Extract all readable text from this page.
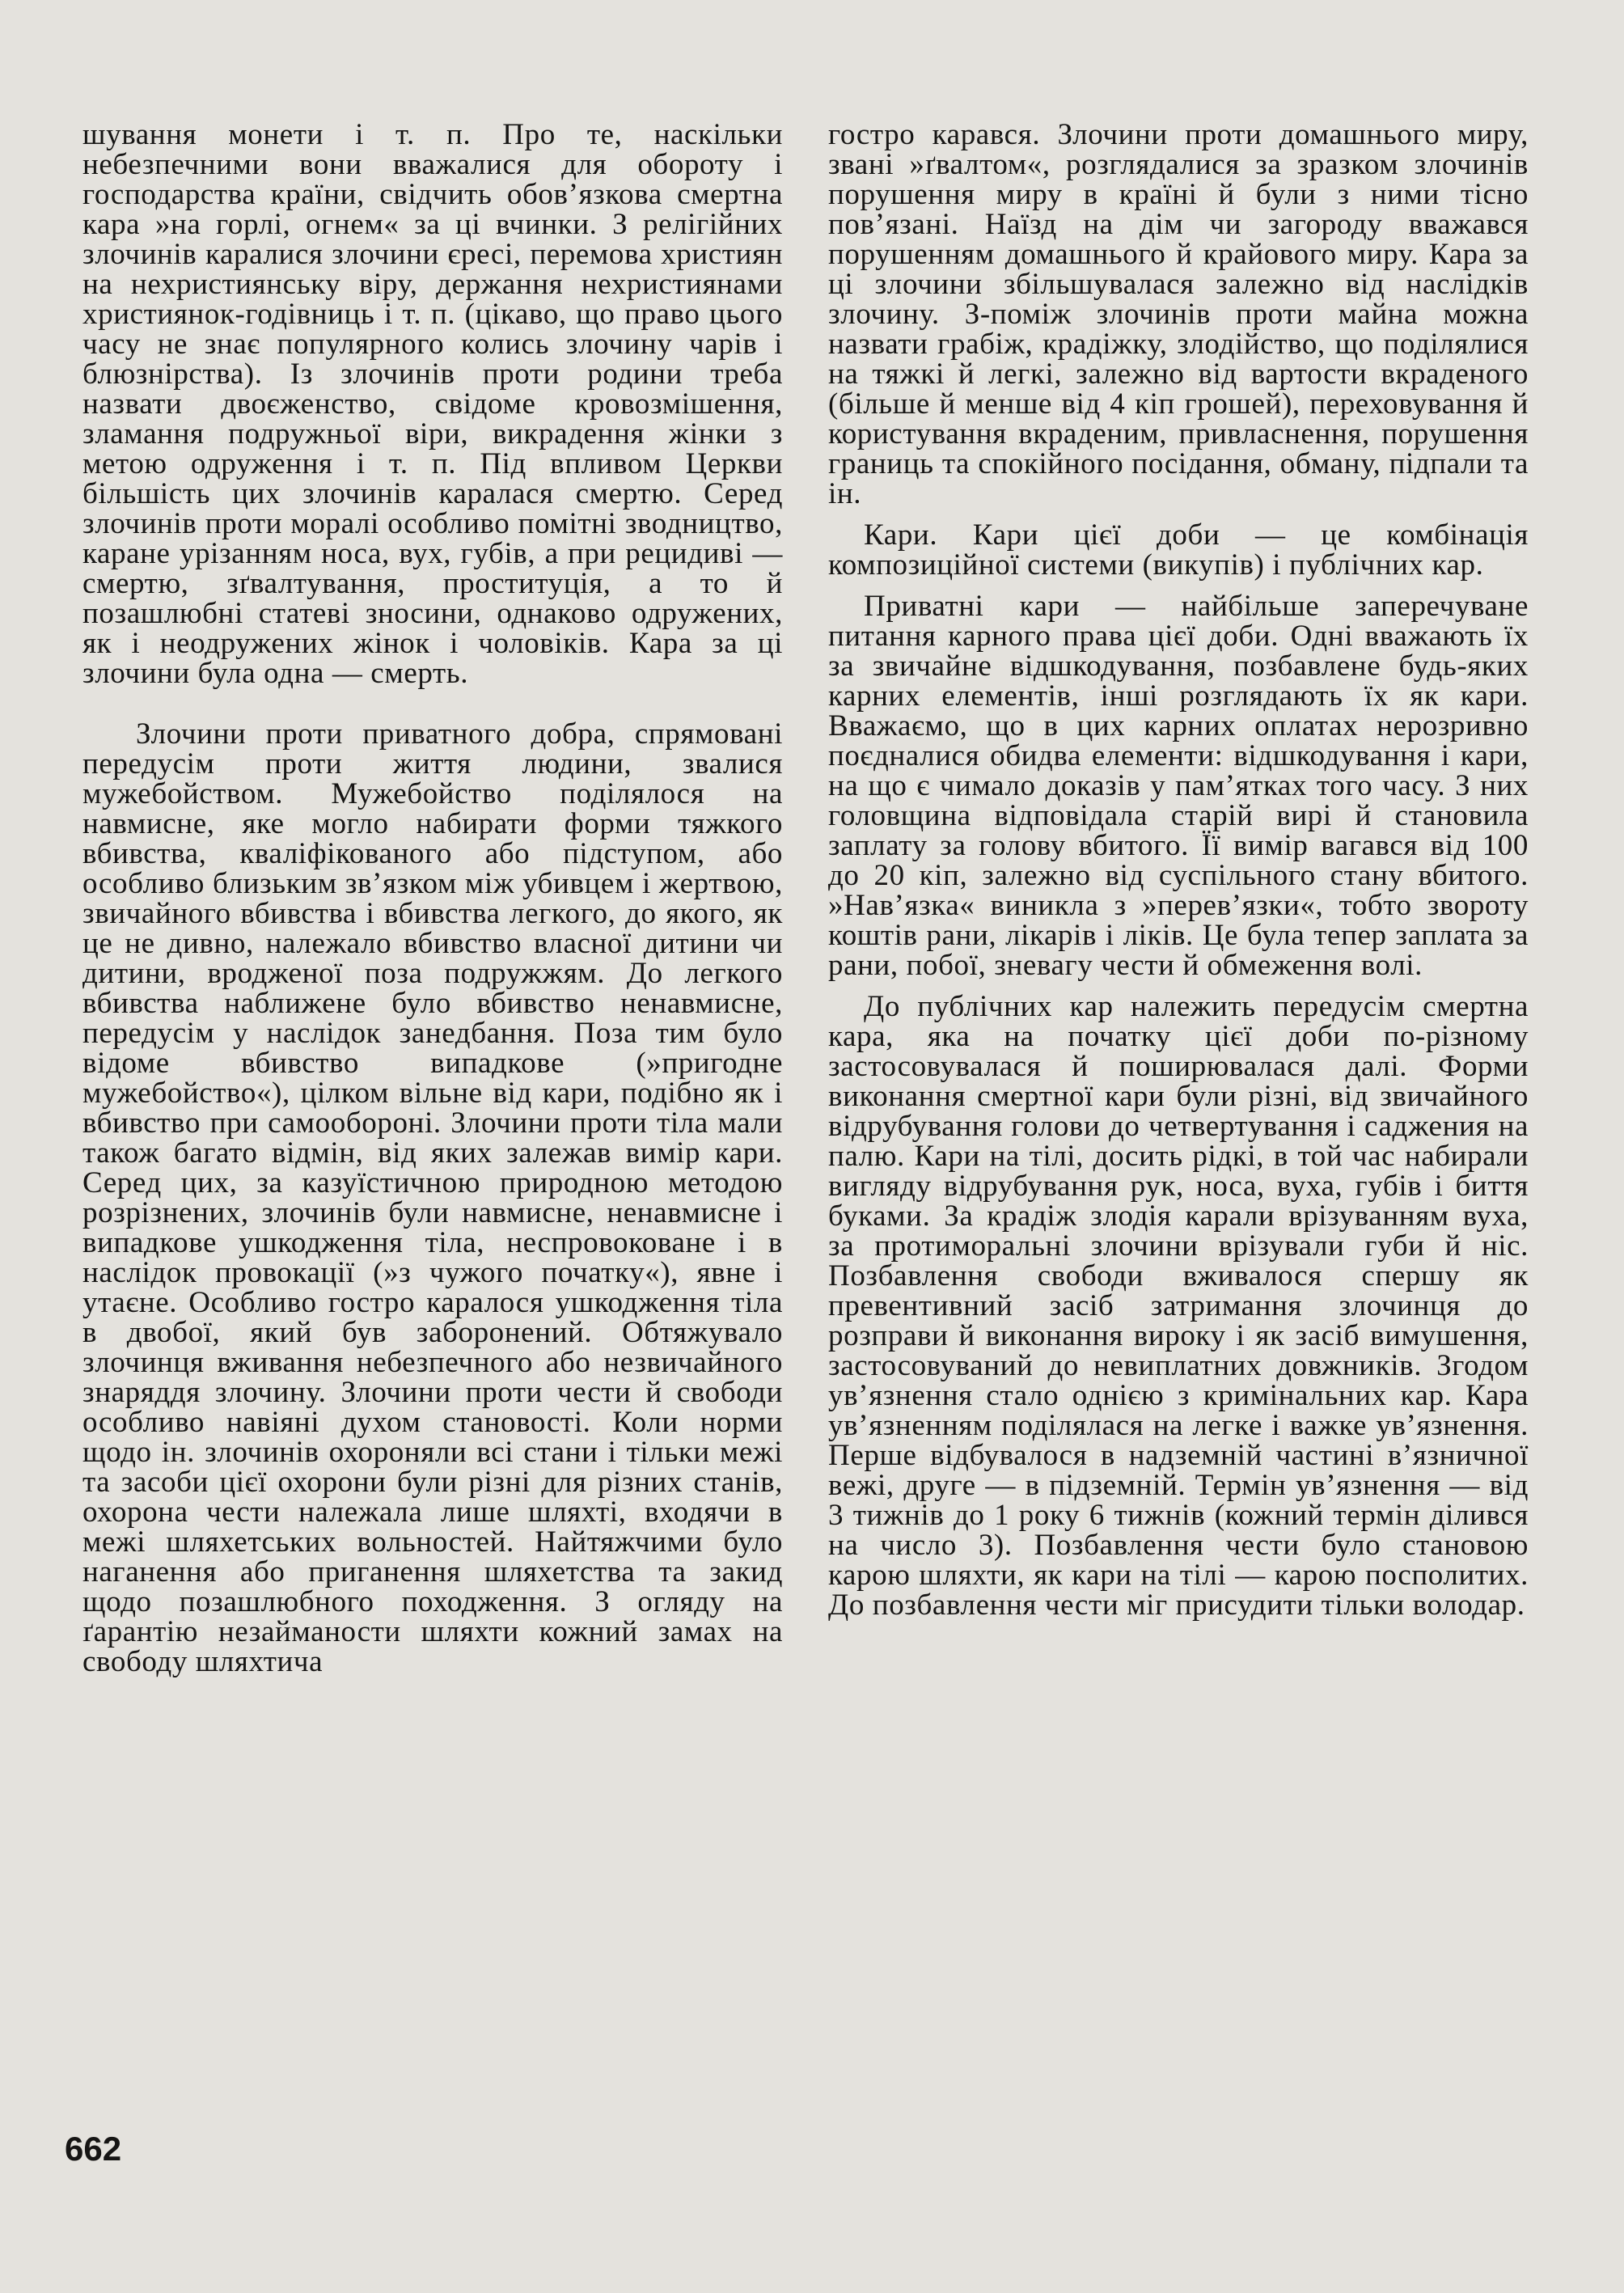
шування монети і т. п. Про те, наскільки небезпечними вони вважалися для обороту і господарства країни, свідчить обов’язкова смертна кара »на горлі, огнем« за ці вчинки. З релігійних злочинів каралися злочини єресі, перемова християн на нехристиянську віру, держання нехристиянами християнок-годівниць і т. п. (цікаво, що право цього часу не знає популярного колись злочину чарів і блюзнірства). Із злочинів проти родини треба назвати двоєженство, свідоме кровозмішення, зламання подружньої віри, викрадення жінки з метою одруження і т. п. Під впливом Церкви більшість цих злочинів каралася смертю. Серед злочинів проти моралі особливо помітні зводництво, каране урізанням носа, вух, губів, а при рецидиві — смертю, зґвалтування, проституція, а то й позашлюбні статеві зносини, однаково одружених, як і неодружених жінок і чоловіків. Кара за ці злочини була одна — смерть.

Злочини проти приватного добра, спрямовані передусім проти життя людини, звалися мужебойством. Мужебойство поділялося на навмисне, яке могло набирати форми тяжкого вбивства, кваліфікованого або підступом, або особливо близьким зв’язком між убивцем і жертвою, звичайного вбивства і вбивства легкого, до якого, як це не дивно, належало вбивство власної дитини чи дитини, вродженої поза подружжям. До легкого вбивства наближене було вбивство ненавмисне, передусім у наслідок занедбання. Поза тим було відоме вбивство випадкове (»пригодне мужебойство«), цілком вільне від кари, подібно як і вбивство при самообороні. Злочини проти тіла мали також багато відмін, від яких залежав вимір кари. Серед цих, за казуїстичною природною методою розрізнених, злочинів були навмисне, ненавмисне і випадкове ушкодження тіла, неспровоковане і в наслідок провокації (»з чужого початку«), явне і утаєне. Особливо гостро каралося ушкодження тіла в двобої, який був заборонений. Обтяжувало злочинця вживання небезпечного або незвичайного знаряддя злочину. Злочини проти чести й свободи особливо навіяні духом становості. Коли норми щодо ін. злочинів охороняли всі стани і тільки межі та засоби цієї охорони були різні для різних станів, охорона чести належала лише шляхті, входячи в межі шляхетських вольностей. Найтяжчими було наганення або приганення шляхетства та закид щодо позашлюбного походження. З огляду на ґарантію незайманости шляхти кожний замах на свободу шляхтича

гостро карався. Злочини проти домашнього миру, звані »ґвалтом«, розглядалися за зразком злочинів порушення миру в країні й були з ними тісно пов’язані. Наїзд на дім чи загороду вважався порушенням домашнього й крайового миру. Кара за ці злочини збільшувалася залежно від наслідків злочину. З-поміж злочинів проти майна можна назвати грабіж, крадіжку, злодійство, що поділялися на тяжкі й легкі, залежно від вартости вкраденого (більше й менше від 4 кіп грошей), переховування й користування вкраденим, привласнення, порушення границь та спокійного посідання, обману, підпали та ін.

Кари. Кари цієї доби — це комбінація композиційної системи (викупів) і публічних кар.

Приватні кари — найбільше заперечуване питання карного права цієї доби. Одні вважають їх за звичайне відшкодування, позбавлене будь-яких карних елементів, інші розглядають їх як кари. Вважаємо, що в цих карних оплатах нерозривно поєдналися обидва елементи: відшкодування і кари, на що є чимало доказів у пам’ятках того часу. З них головщина відповідала старій вирі й становила заплату за голову вбитого. Її вимір вагався від 100 до 20 кіп, залежно від суспільного стану вбитого. »Нав’язка« виникла з »перев’язки«, тобто звороту коштів рани, лікарів і ліків. Це була тепер заплата за рани, побої, зневагу чести й обмеження волі.

До публічних кар належить передусім смертна кара, яка на початку цієї доби по-різному застосовувалася й поширювалася далі. Форми виконання смертної кари були різні, від звичайного відрубування голови до четвертування і саджения на палю. Кари на тілі, досить рідкі, в той час набирали вигляду відрубування рук, носа, вуха, губів і биття буками. За крадіж злодія карали врізуванням вуха, за протиморальні злочини врізували губи й ніс. Позбавлення свободи вживалося спершу як превентивний засіб затримання злочинця до розправи й виконання вироку і як засіб вимушення, застосовуваний до невиплатних довжників. Згодом ув’язнення стало однією з кримінальних кар. Кара ув’язненням поділялася на легке і важке ув’язнення. Перше відбувалося в надземній частині в’язничної вежі, друге — в підземній. Термін ув’язнення — від 3 тижнів до 1 року 6 тижнів (кожний термін ділився на число 3). Позбавлення чести було становою карою шляхти, як кари на тілі — карою посполитих. До позбавлення чести міг присудити тільки володар.

662
